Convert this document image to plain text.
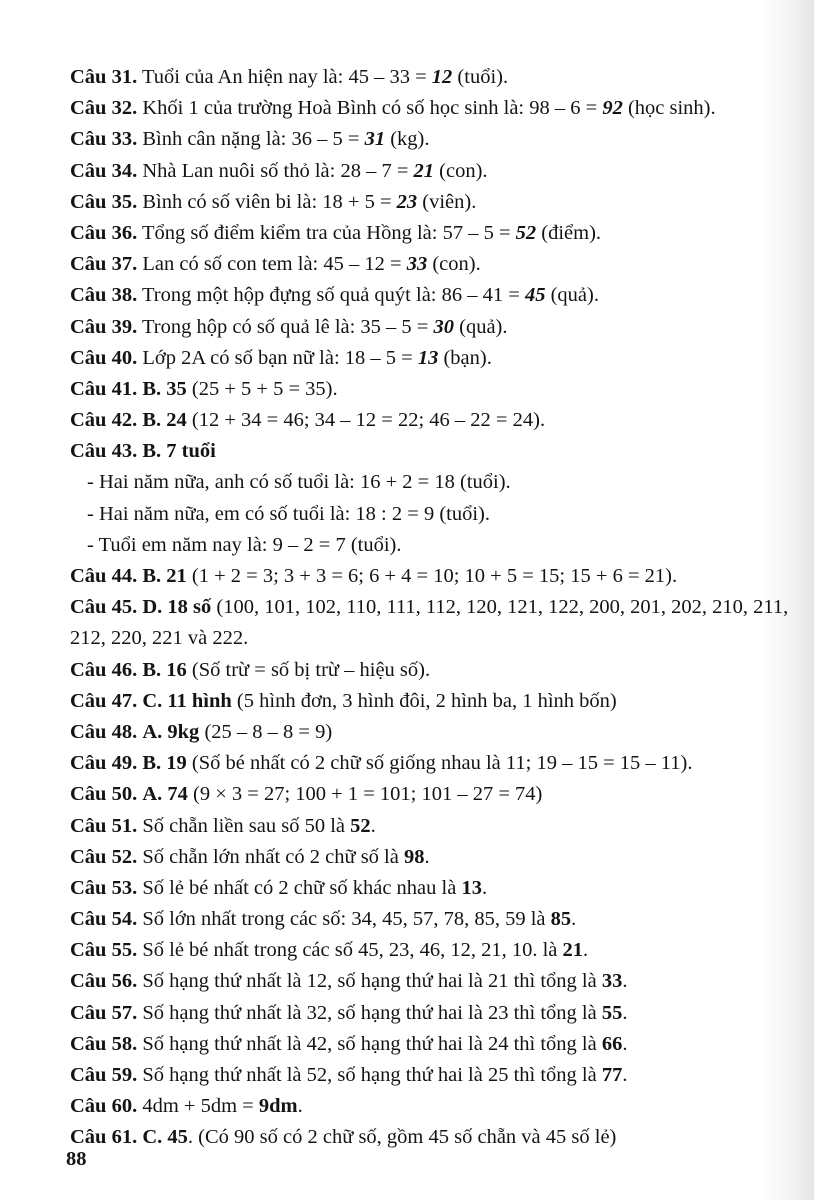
Câu 31. Tuổi của An hiện nay là: 45 – 33 = 12 (tuổi).
Câu 32. Khối 1 của trường Hoà Bình có số học sinh là: 98 – 6 = 92 (học sinh).
Câu 33. Bình cân nặng là: 36 – 5 = 31 (kg).
Câu 34. Nhà Lan nuôi số thỏ là: 28 – 7 = 21 (con).
Câu 35. Bình có số viên bi là: 18 + 5 = 23 (viên).
Câu 36. Tổng số điểm kiểm tra của Hồng là: 57 – 5 = 52 (điểm).
Câu 37. Lan có số con tem là: 45 – 12 = 33 (con).
Câu 38. Trong một hộp đựng số quả quýt là: 86 – 41 = 45 (quả).
Câu 39. Trong hộp có số quả lê là: 35 – 5 = 30 (quả).
Câu 40. Lớp 2A có số bạn nữ là: 18 – 5 = 13 (bạn).
Câu 41. B. 35 (25 + 5 + 5 = 35).
Câu 42. B. 24 (12 + 34 = 46; 34 – 12 = 22; 46 – 22 = 24).
Câu 43. B. 7 tuổi
- Hai năm nữa, anh có số tuổi là: 16 + 2 = 18 (tuổi).
- Hai năm nữa, em có số tuổi là: 18 : 2 = 9 (tuổi).
- Tuổi em năm nay là: 9 – 2 = 7 (tuổi).
Câu 44. B. 21 (1 + 2 = 3; 3 + 3 = 6; 6 + 4 = 10; 10 + 5 = 15; 15 + 6 = 21).
Câu 45. D. 18 số (100, 101, 102, 110, 111, 112, 120, 121, 122, 200, 201, 202, 210, 211, 212, 220, 221 và 222.
Câu 46. B. 16 (Số trừ = số bị trừ – hiệu số).
Câu 47. C. 11 hình (5 hình đơn, 3 hình đôi, 2 hình ba, 1 hình bốn)
Câu 48. A. 9kg (25 – 8 – 8 = 9)
Câu 49. B. 19 (Số bé nhất có 2 chữ số giống nhau là 11; 19 – 15 = 15 – 11).
Câu 50. A. 74 (9 × 3 = 27; 100 + 1 = 101; 101 – 27 = 74)
Câu 51. Số chẵn liền sau số 50 là 52.
Câu 52. Số chẵn lớn nhất có 2 chữ số là 98.
Câu 53. Số lẻ bé nhất có 2 chữ số khác nhau là 13.
Câu 54. Số lớn nhất trong các số: 34, 45, 57, 78, 85, 59 là 85.
Câu 55. Số lẻ bé nhất trong các số 45, 23, 46, 12, 21, 10. là 21.
Câu 56. Số hạng thứ nhất là 12, số hạng thứ hai là 21 thì tổng là 33.
Câu 57. Số hạng thứ nhất là 32, số hạng thứ hai là 23 thì tổng là 55.
Câu 58. Số hạng thứ nhất là 42, số hạng thứ hai là 24 thì tổng là 66.
Câu 59. Số hạng thứ nhất là 52, số hạng thứ hai là 25 thì tổng là 77.
Câu 60. 4dm + 5dm = 9dm.
Câu 61. C. 45. (Có 90 số có 2 chữ số, gồm 45 số chẵn và 45 số lẻ)
88
